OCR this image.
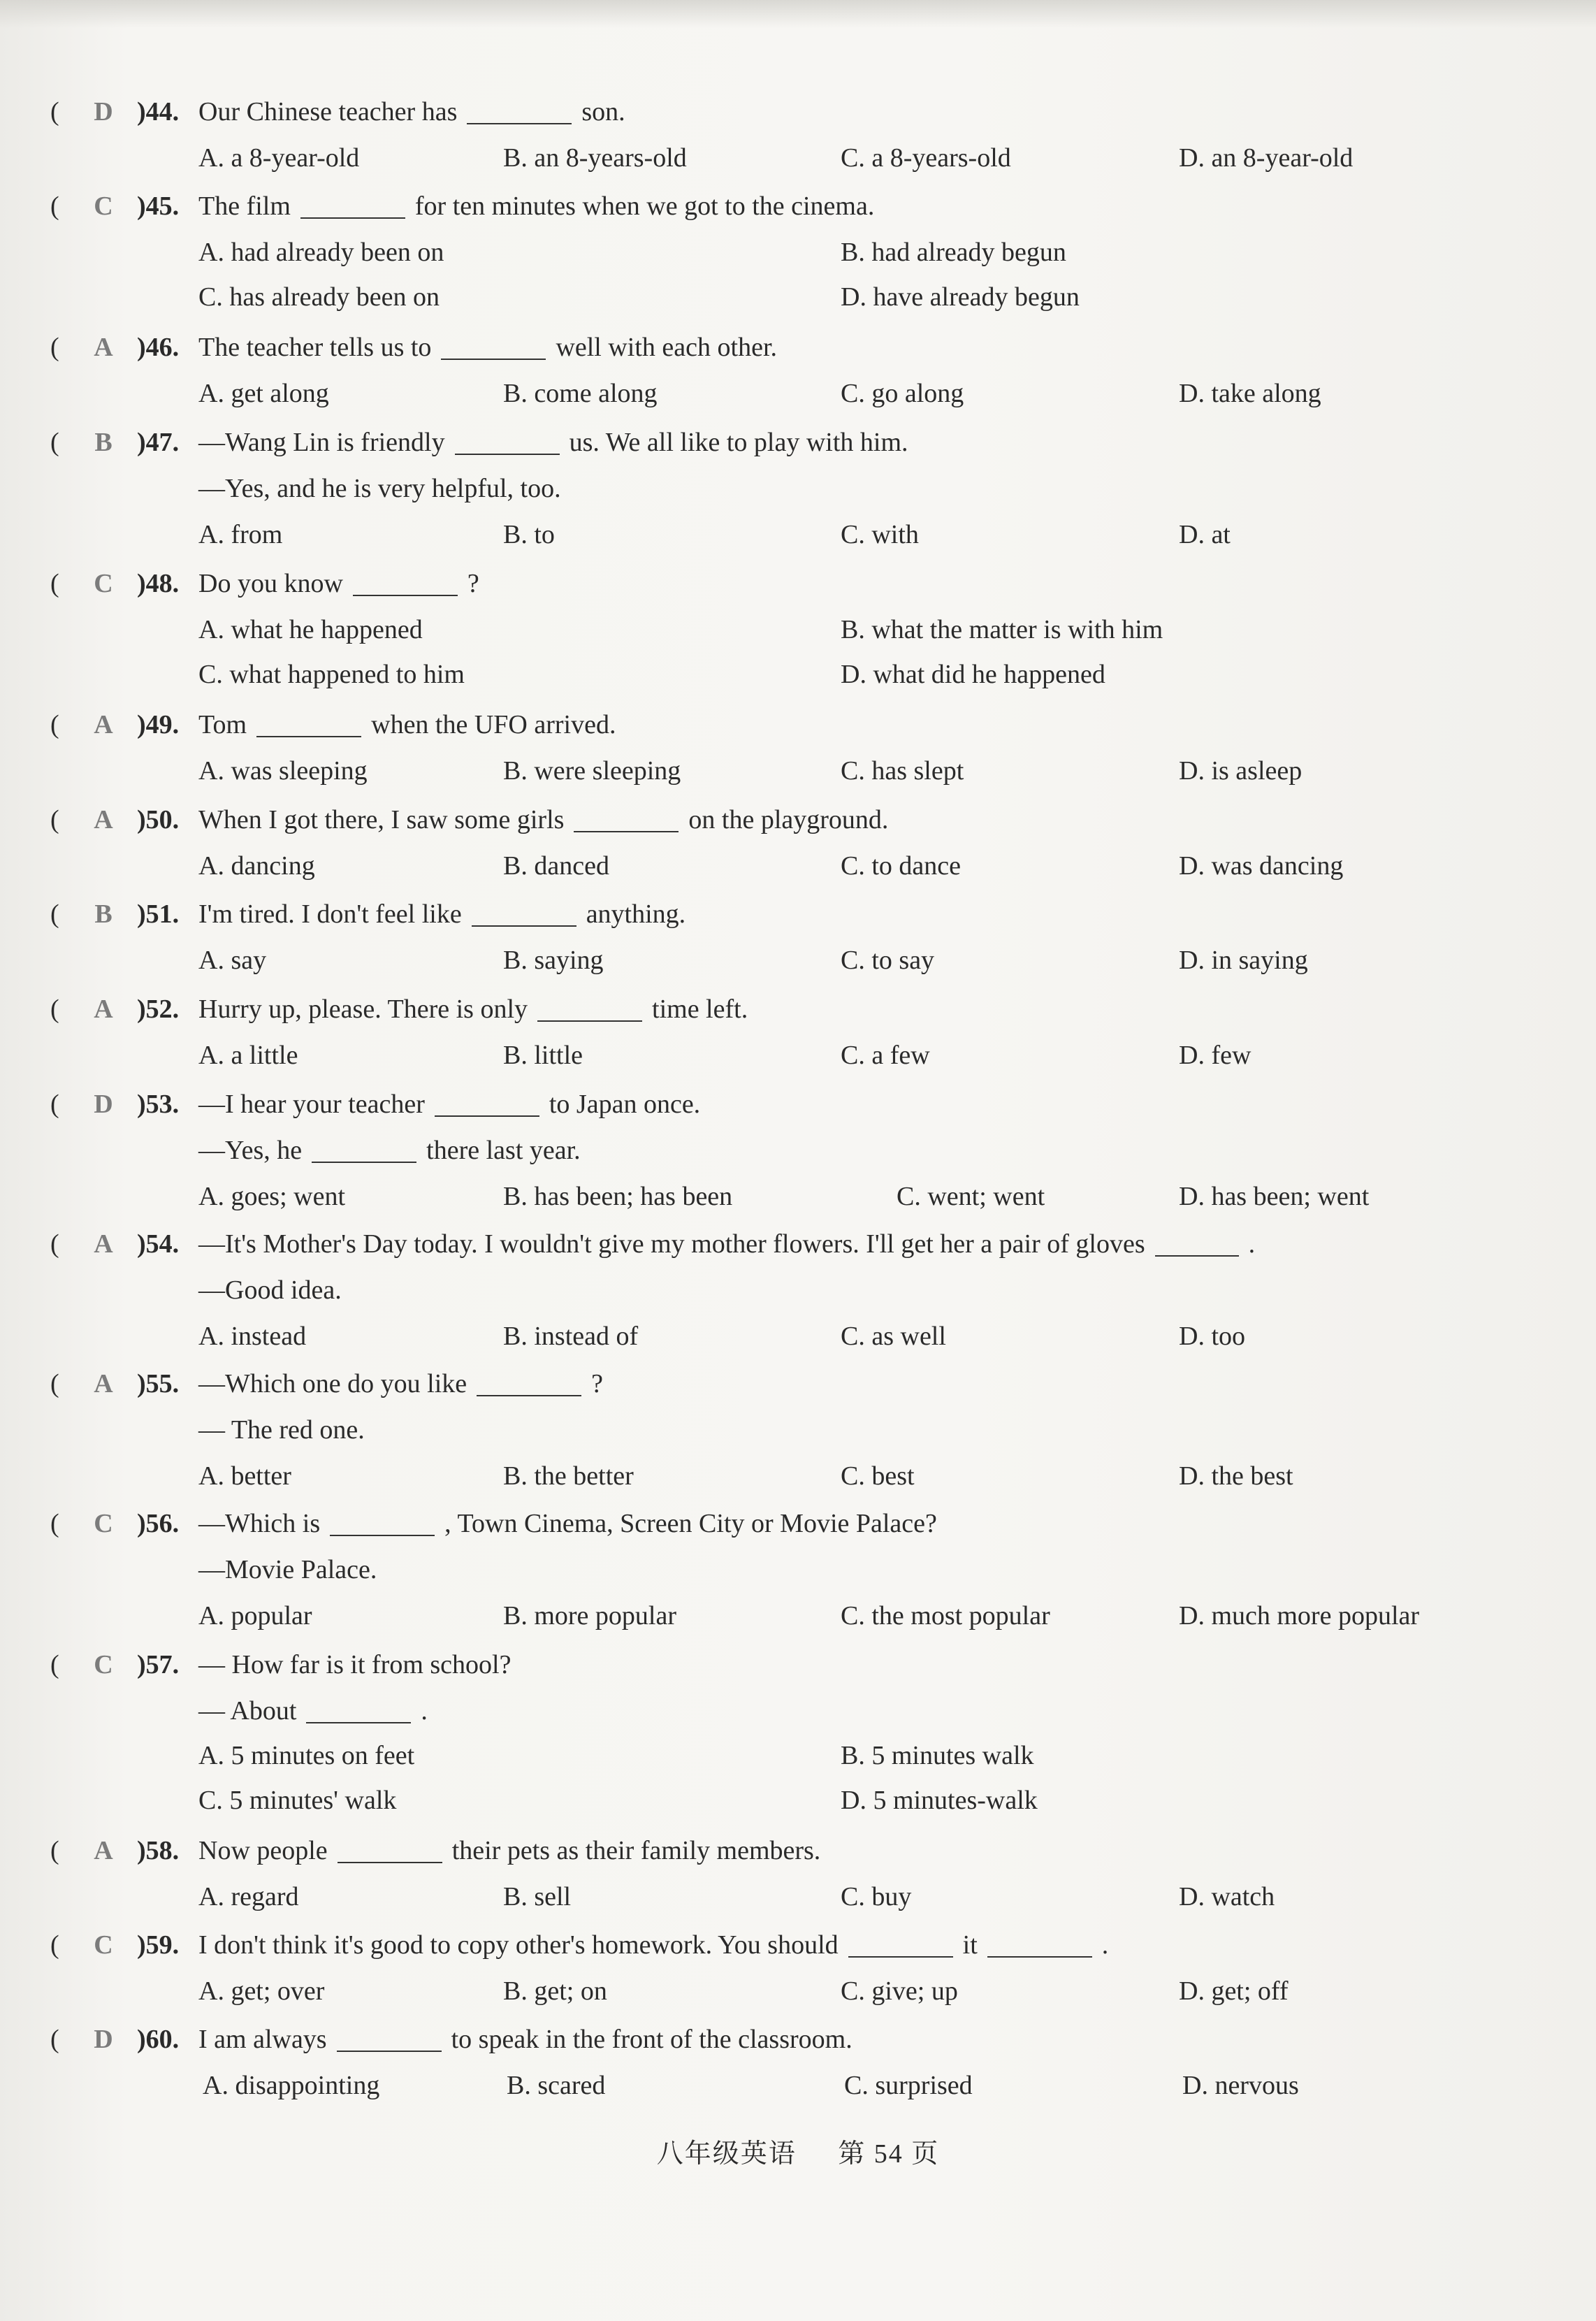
(	D )44. Our Chinese teacher has	son.
A. a 8-year-old	B. an 8-years-old	C. a 8-years-old	D. an 8-year-old
(	C )45. The film	for ten minutes when we got to the cinema.
A. had already been on	B. had already begun
C. has already been on	D. have already begun
(	A )46. The teacher tells us to	well with each other.
A. get along	B. come along	C. go along	D. take along
(	B )47. —Wang Lin is friendly	us. We all like to play with him.
—Yes, and he is very helpful, too.
A. from	B. to	C. with	D. at
(	C )48. Do you know	?
A. what he happened	B. what the matter is with him
C. what happened to him	D. what did he happened
(	A )49. Tom	when the UFO arrived.
A. was sleeping	B. were sleeping	C. has slept	D. is asleep
(	A )50. When I got there, I saw some girls	on the playground.
A. dancing	B. danced	C. to dance	D. was dancing
(	B )51. I'm tired. I don't feel like	anything.
A. say	B. saying	C. to say	D. in saying
(	A )52. Hurry up, please. There is only	time left.
A. a little	B. little	C. a few	D. few
(	D )53. —I hear your teacher	to Japan once.
—Yes, he	there last year.
A. goes; went	B. has been; has been	C. went; went	D. has been; went
(	A )54. —It's Mother's Day today. I wouldn't give my mother flowers. I'll get her a pair of gloves	.
—Good idea.
A. instead	B. instead of	C. as well	D. too
(	A )55. —Which one do you like	?
— The red one.
A. better	B. the better	C. best	D. the best
(	C )56. —Which is	, Town Cinema, Screen City or Movie Palace?
—Movie Palace.
A. popular	B. more popular	C. the most popular	D. much more popular
(	C )57. — How far is it from school?
— About	.
A. 5 minutes on feet	B. 5 minutes walk
C. 5 minutes' walk	D. 5 minutes-walk
(	A )58. Now people	their pets as their family members.
A. regard	B. sell	C. buy	D. watch
(	C )59. I don't think it's good to copy other's homework. You should	it	.
A. get; over	B. get; on	C. give; up	D. get; off
(	D )60. I am always	to speak in the front of the classroom.
A. disappointing	B. scared	C. surprised	D. nervous
八年级英语 第 54 页
